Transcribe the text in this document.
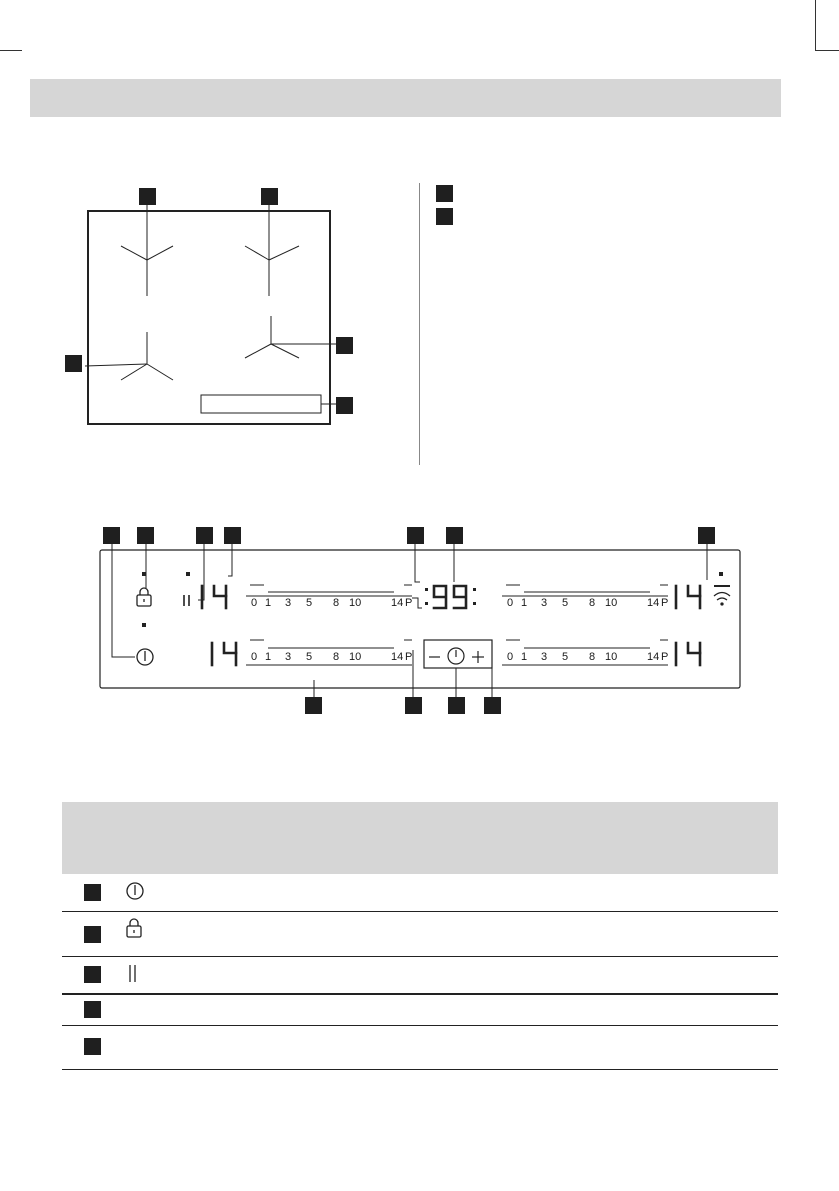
0 1 3 5 8 10	14 P
0 1 3 5 8 10	14 P
0 1 3 5 8 10	14 P
0 1 3 5 8 10	14 P
